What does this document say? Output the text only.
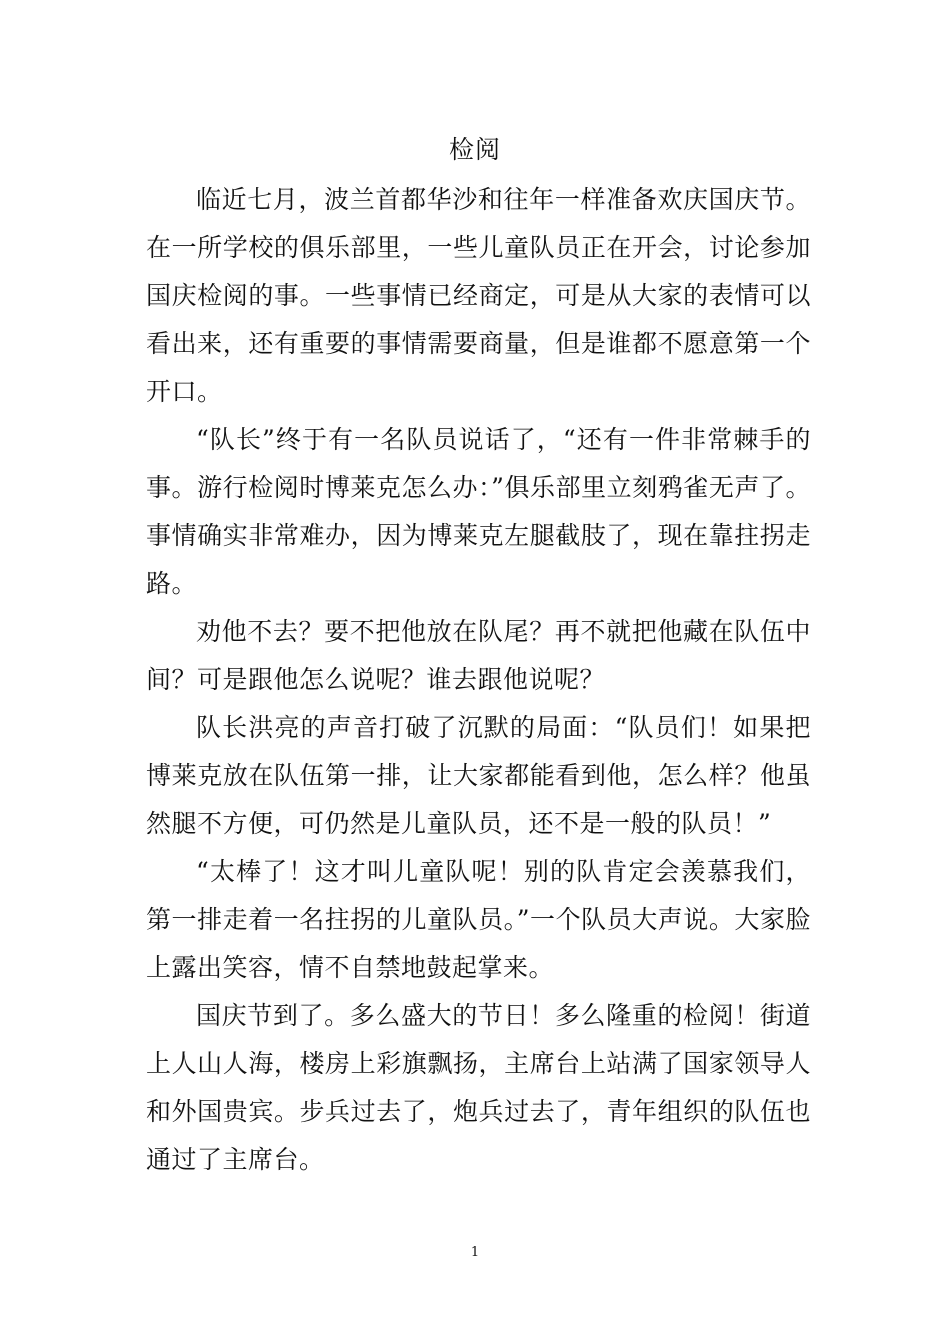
检阅

临近七月，波兰首都华沙和往年一样准备欢庆国庆节。在一所学校的俱乐部里，一些儿童队员正在开会，讨论参加国庆检阅的事。一些事情已经商定，可是从大家的表情可以看出来，还有重要的事情需要商量，但是谁都不愿意第一个开口。

“队长”终于有一名队员说话了，“还有一件非常棘手的事。游行检阅时博莱克怎么办：”俱乐部里立刻鸦雀无声了。事情确实非常难办，因为博莱克左腿截肢了，现在靠拄拐走路。

劝他不去？要不把他放在队尾？再不就把他藏在队伍中间？可是跟他怎么说呢？谁去跟他说呢？

队长洪亮的声音打破了沉默的局面：“队员们！如果把博莱克放在队伍第一排，让大家都能看到他，怎么样？他虽然腿不方便，可仍然是儿童队员，还不是一般的队员！”

“太棒了！这才叫儿童队呢！别的队肯定会羡慕我们，第一排走着一名拄拐的儿童队员。”一个队员大声说。大家脸上露出笑容，情不自禁地鼓起掌来。

国庆节到了。多么盛大的节日！多么隆重的检阅！街道上人山人海，楼房上彩旗飘扬，主席台上站满了国家领导人和外国贵宾。步兵过去了，炮兵过去了，青年组织的队伍也通过了主席台。

1
